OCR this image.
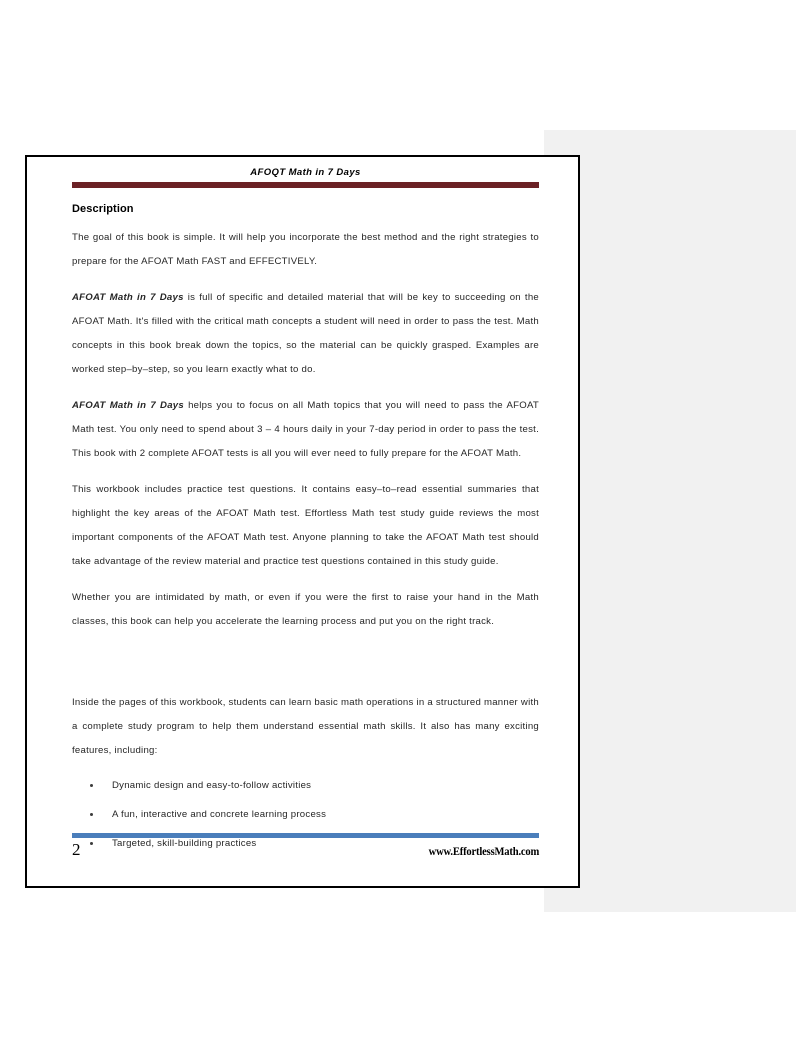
AFOQT Math in 7 Days
Description

The goal of this book is simple. It will help you incorporate the best method and the right strategies to prepare for the AFOAT Math FAST and EFFECTIVELY.

AFOAT Math in 7 Days is full of specific and detailed material that will be key to succeeding on the AFOAT Math. It's filled with the critical math concepts a student will need in order to pass the test. Math concepts in this book break down the topics, so the material can be quickly grasped. Examples are worked step–by–step, so you learn exactly what to do.

AFOAT Math in 7 Days helps you to focus on all Math topics that you will need to pass the AFOAT Math test. You only need to spend about 3 – 4 hours daily in your 7-day period in order to pass the test. This book with 2 complete AFOAT tests is all you will ever need to fully prepare for the AFOAT Math.

This workbook includes practice test questions. It contains easy–to–read essential summaries that highlight the key areas of the AFOAT Math test. Effortless Math test study guide reviews the most important components of the AFOAT Math test. Anyone planning to take the AFOAT Math test should take advantage of the review material and practice test questions contained in this study guide.

Whether you are intimidated by math, or even if you were the first to raise your hand in the Math classes, this book can help you accelerate the learning process and put you on the right track.

Inside the pages of this workbook, students can learn basic math operations in a structured manner with a complete study program to help them understand essential math skills. It also has many exciting features, including:

Dynamic design and easy-to-follow activities
A fun, interactive and concrete learning process
Targeted, skill-building practices
2	www.EffortlessMath.com
